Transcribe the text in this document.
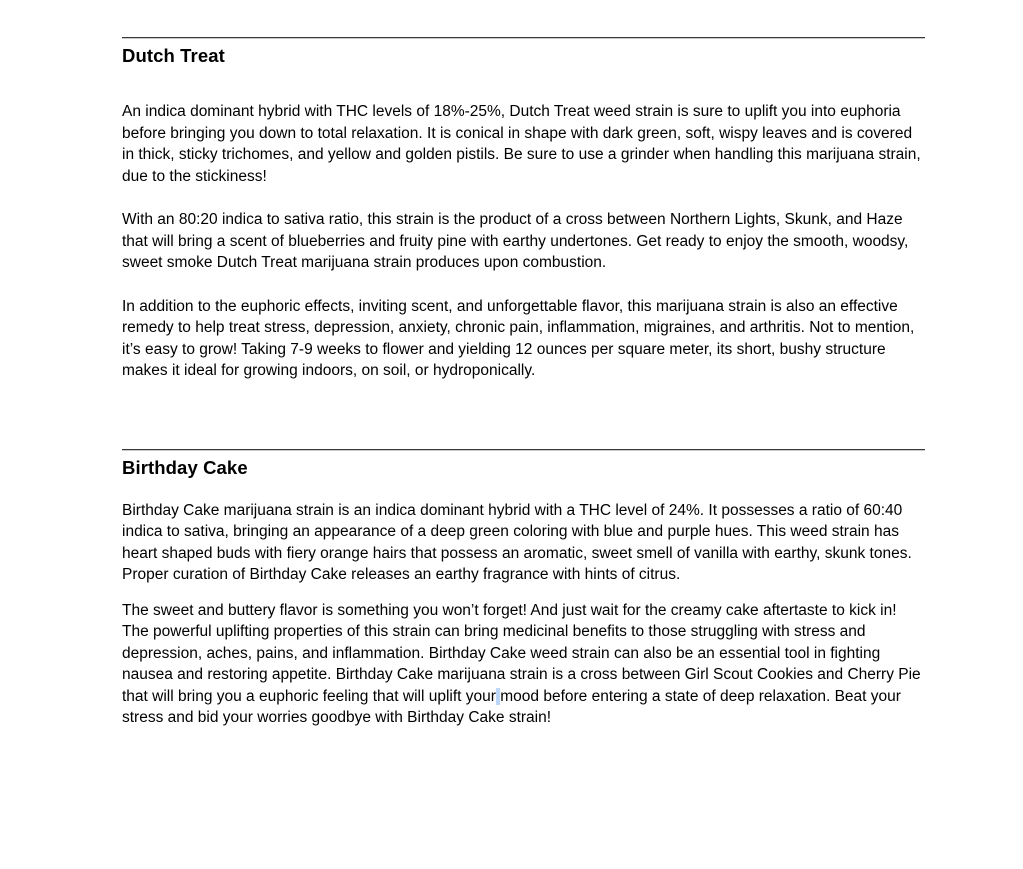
Dutch Treat

An indica dominant hybrid with THC levels of 18%-25%, Dutch Treat weed strain is sure to uplift you into euphoria before bringing you down to total relaxation. It is conical in shape with dark green, soft, wispy leaves and is covered in thick, sticky trichomes, and yellow and golden pistils. Be sure to use a grinder when handling this marijuana strain, due to the stickiness!

With an 80:20 indica to sativa ratio, this strain is the product of a cross between Northern Lights, Skunk, and Haze that will bring a scent of blueberries and fruity pine with earthy undertones. Get ready to enjoy the smooth, woodsy, sweet smoke Dutch Treat marijuana strain produces upon combustion.

In addition to the euphoric effects, inviting scent, and unforgettable flavor, this marijuana strain is also an effective remedy to help treat stress, depression, anxiety, chronic pain, inflammation, migraines, and arthritis. Not to mention, it’s easy to grow! Taking 7-9 weeks to flower and yielding 12 ounces per square meter, its short, bushy structure makes it ideal for growing indoors, on soil, or hydroponically.

Birthday Cake

Birthday Cake marijuana strain is an indica dominant hybrid with a THC level of 24%. It possesses a ratio of 60:40 indica to sativa, bringing an appearance of a deep green coloring with blue and purple hues. This weed strain has heart shaped buds with fiery orange hairs that possess an aromatic, sweet smell of vanilla with earthy, skunk tones. Proper curation of Birthday Cake releases an earthy fragrance with hints of citrus.

The sweet and buttery flavor is something you won’t forget! And just wait for the creamy cake aftertaste to kick in! The powerful uplifting properties of this strain can bring medicinal benefits to those struggling with stress and depression, aches, pains, and inflammation. Birthday Cake weed strain can also be an essential tool in fighting nausea and restoring appetite. Birthday Cake marijuana strain is a cross between Girl Scout Cookies and Cherry Pie that will bring you a euphoric feeling that will uplift your mood before entering a state of deep relaxation. Beat your stress and bid your worries goodbye with Birthday Cake strain!
